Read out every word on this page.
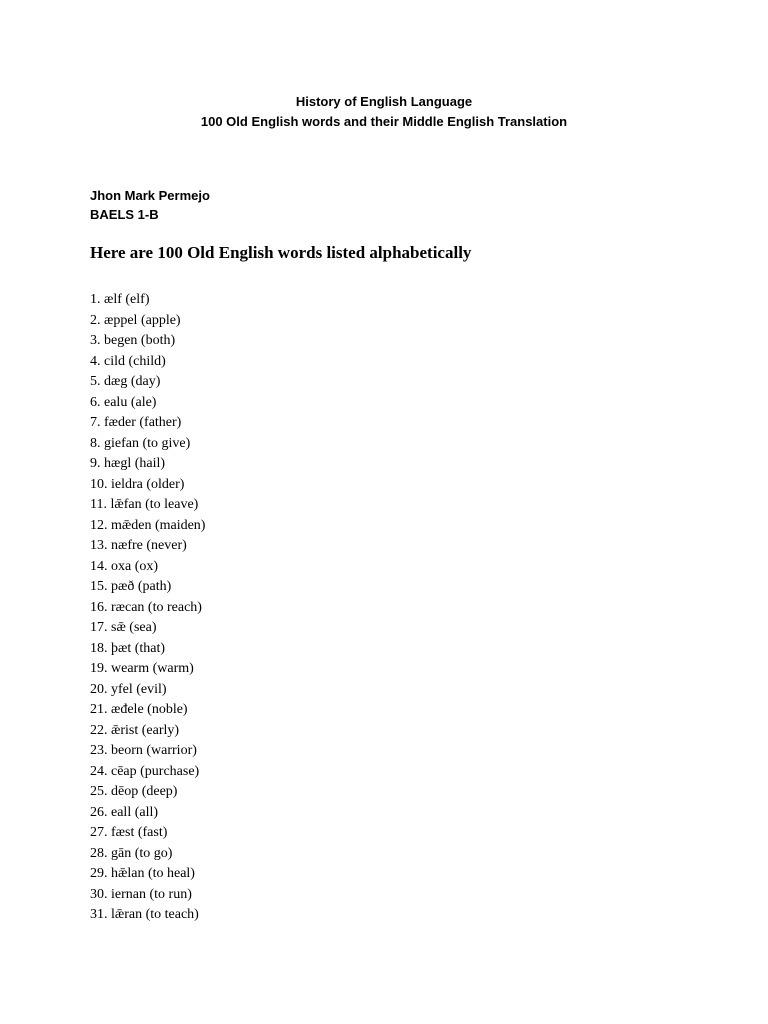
History of English Language
100 Old English words and their Middle English Translation
Jhon Mark Permejo
BAELS 1-B
Here are 100 Old English words listed alphabetically
1. ælf (elf)
2. æppel (apple)
3. begen (both)
4. cild (child)
5. dæg (day)
6. ealu (ale)
7. fæder (father)
8. giefan (to give)
9. hægl (hail)
10. ieldra (older)
11. lǣfan (to leave)
12. mǣden (maiden)
13. næfre (never)
14. oxa (ox)
15. pæð (path)
16. ræcan (to reach)
17. sǣ (sea)
18. þæt (that)
19. wearm (warm)
20. yfel (evil)
21. æđele (noble)
22. ǣrist (early)
23. beorn (warrior)
24. cēap (purchase)
25. dēop (deep)
26. eall (all)
27. fæst (fast)
28. gān (to go)
29. hǣlan (to heal)
30. iernan (to run)
31. lǣran (to teach)
